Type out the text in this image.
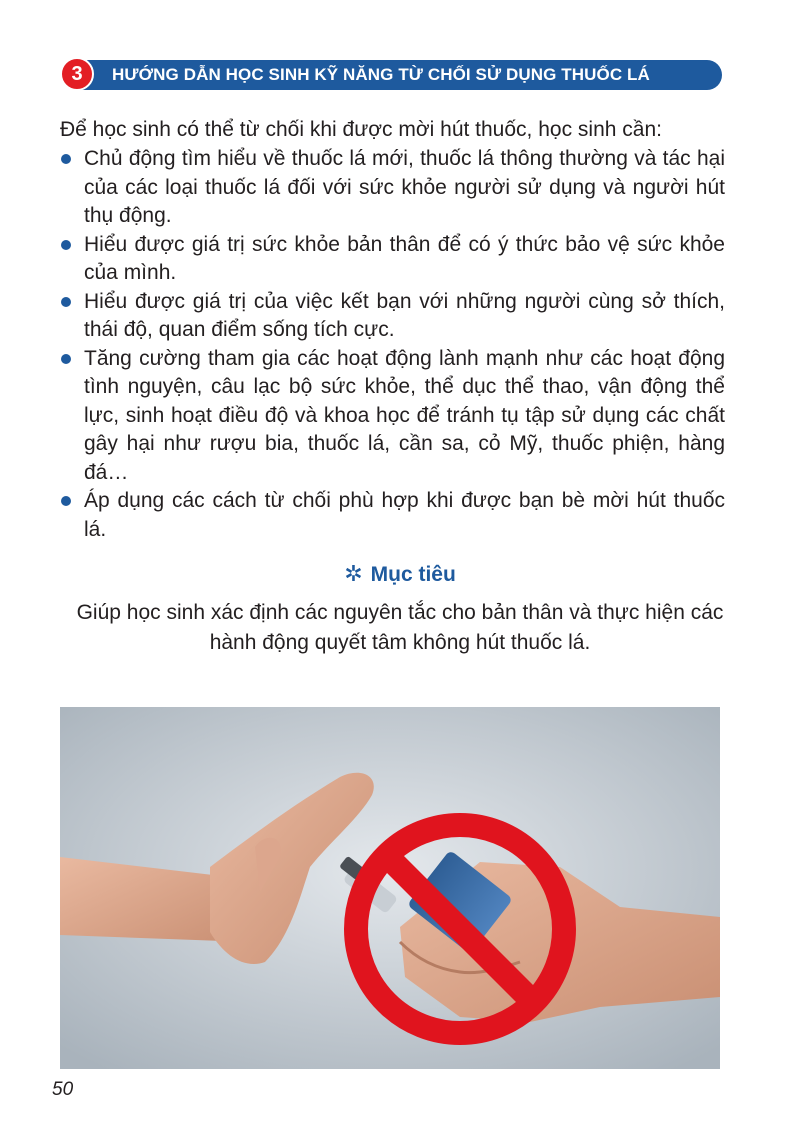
3	HƯỚNG DẪN HỌC SINH KỸ NĂNG TỪ CHỐI SỬ DỤNG THUỐC LÁ
Để học sinh có thể từ chối khi được mời hút thuốc, học sinh cần:
Chủ động tìm hiểu về thuốc lá mới, thuốc lá thông thường và tác hại của các loại thuốc lá đối với sức khỏe người sử dụng và người hút thụ động.
Hiểu được giá trị sức khỏe bản thân để có ý thức bảo vệ sức khỏe của mình.
Hiểu được giá trị của việc kết bạn với những người cùng sở thích, thái độ, quan điểm sống tích cực.
Tăng cường tham gia các hoạt động lành mạnh như các hoạt động tình nguyện, câu lạc bộ sức khỏe, thể dục thể thao, vận động thể lực, sinh hoạt điều độ và khoa học để tránh tụ tập sử dụng các chất gây hại như rượu bia, thuốc lá, cần sa, cỏ Mỹ, thuốc phiện, hàng đá…
Áp dụng các cách từ chối phù hợp khi được bạn bè mời hút thuốc lá.
✲ Mục tiêu
Giúp học sinh xác định các nguyên tắc cho bản thân và thực hiện các hành động quyết tâm không hút thuốc lá.
50
